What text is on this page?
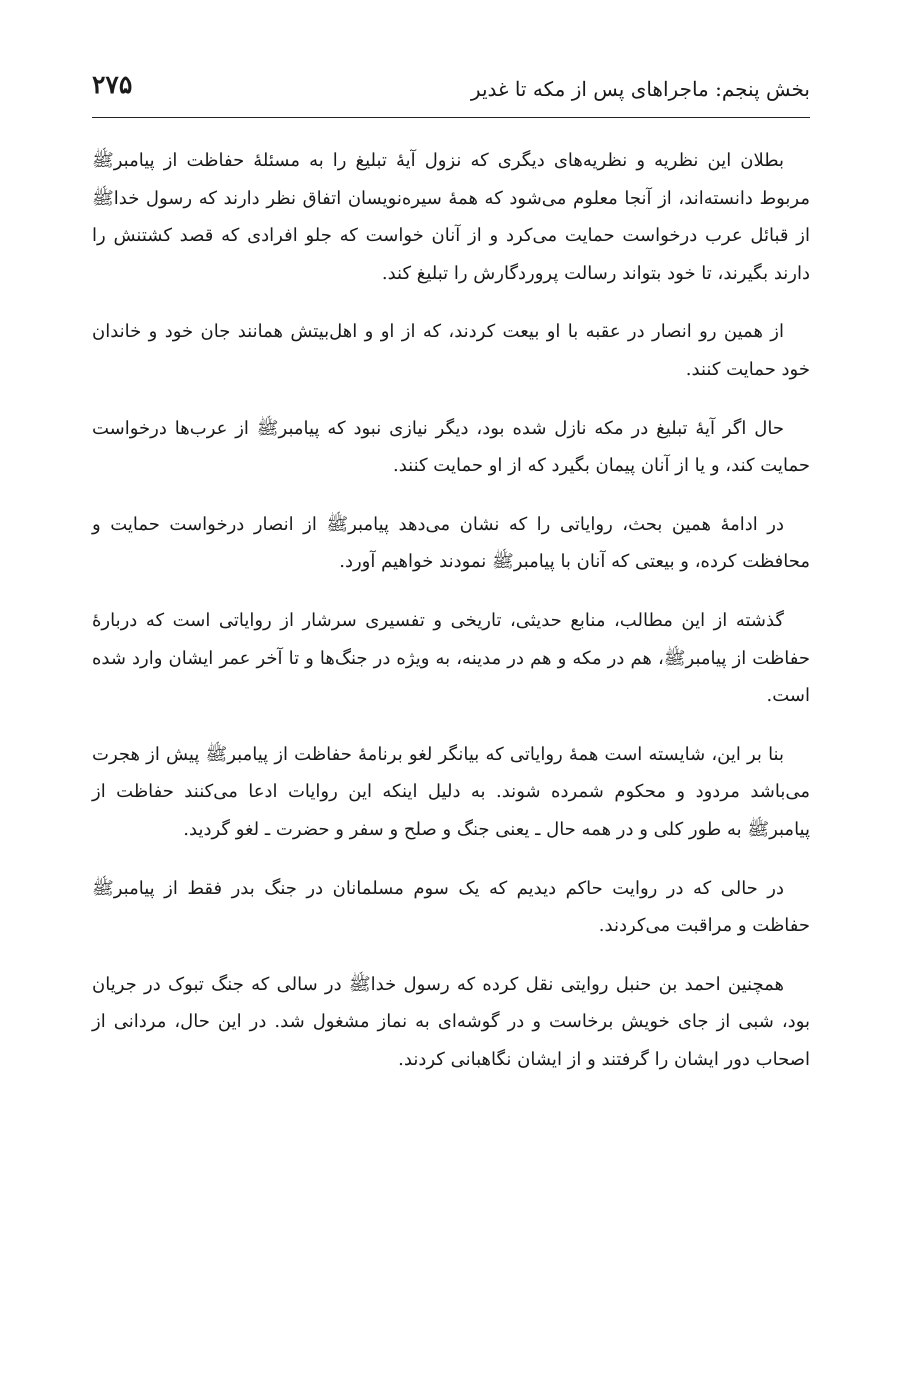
بخش پنجم: ماجراهای پس از مکه تا غدیر
۲۷۵

بطلان این نظریه و نظریه‌های دیگری که نزول آیهٔ تبلیغ را به مسئلهٔ حفاظت از پیامبرﷺ مربوط دانسته‌اند، از آنجا معلوم می‌شود که همهٔ سیره‌نویسان اتفاق نظر دارند که رسول خداﷺ از قبائل عرب درخواست حمایت می‌کرد و از آنان خواست که جلو افرادی که قصد کشتنش را دارند بگیرند، تا خود بتواند رسالت پروردگارش را تبلیغ کند.

از همین رو انصار در عقبه با او بیعت کردند، که از او و اهل‌بیتش همانند جان خود و خاندان خود حمایت کنند.

حال اگر آیهٔ تبلیغ در مکه نازل شده بود، دیگر نیازی نبود که پیامبرﷺ از عرب‌ها درخواست حمایت کند، و یا از آنان پیمان بگیرد که از او حمایت کنند.

در ادامهٔ همین بحث، روایاتی را که نشان می‌دهد پیامبرﷺ از انصار درخواست حمایت و محافظت کرده، و بیعتی که آنان با پیامبرﷺ نمودند خواهیم آورد.

گذشته از این مطالب، منابع حدیثی، تاریخی و تفسیری سرشار از روایاتی است که دربارهٔ حفاظت از پیامبرﷺ، هم در مکه و هم در مدینه، به ویژه در جنگ‌ها و تا آخر عمر ایشان وارد شده است.

بنا بر این، شایسته است همهٔ روایاتی که بیانگر لغو برنامهٔ حفاظت از پیامبرﷺ پیش از هجرت می‌باشد مردود و محکوم شمرده شوند. به دلیل اینکه این روایات ادعا می‌کنند حفاظت از پیامبرﷺ به طور کلی و در همه حال ـ یعنی جنگ و صلح و سفر و حضرت ـ لغو گردید.

در حالی که در روایت حاکم دیدیم که یک سوم مسلمانان در جنگ بدر فقط از پیامبرﷺ حفاظت و مراقبت می‌کردند.

همچنین احمد بن حنبل روایتی نقل کرده که رسول خداﷺ در سالی که جنگ تبوک در جریان بود، شبی از جای خویش برخاست و در گوشه‌ای به نماز مشغول شد. در این حال، مردانی از اصحاب دور ایشان را گرفتند و از ایشان نگاهبانی کردند.
